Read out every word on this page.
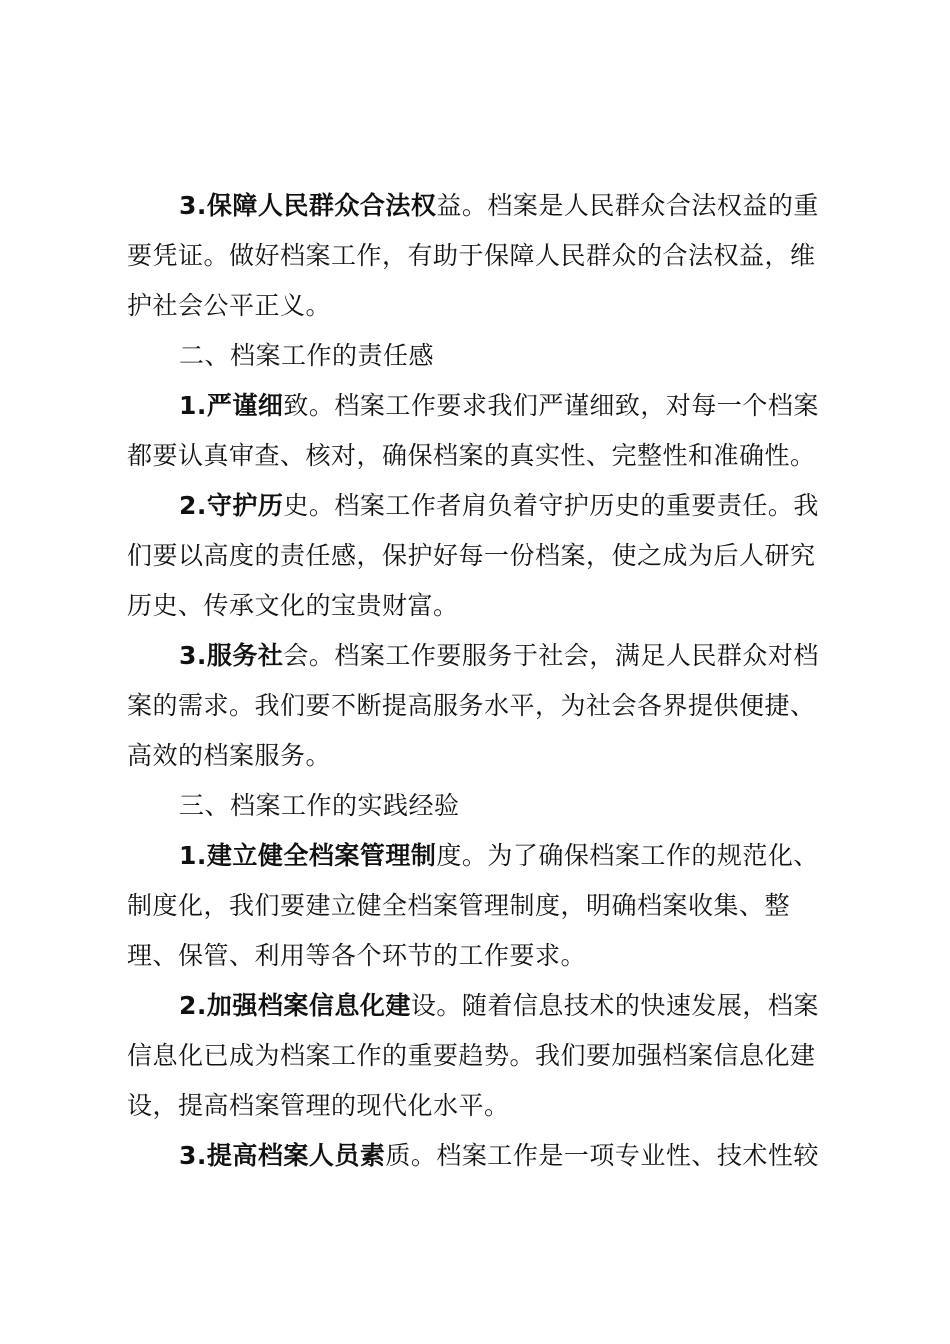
3.保障人民群众合法权益。档案是人民群众合法权益的重要凭证。做好档案工作，有助于保障人民群众的合法权益，维护社会公平正义。

二、档案工作的责任感

1.严谨细致。档案工作要求我们严谨细致，对每一个档案都要认真审查、核对，确保档案的真实性、完整性和准确性。

2.守护历史。档案工作者肩负着守护历史的重要责任。我们要以高度的责任感，保护好每一份档案，使之成为后人研究历史、传承文化的宝贵财富。

3.服务社会。档案工作要服务于社会，满足人民群众对档案的需求。我们要不断提高服务水平，为社会各界提供便捷、高效的档案服务。

三、档案工作的实践经验

1.建立健全档案管理制度。为了确保档案工作的规范化、制度化，我们要建立健全档案管理制度，明确档案收集、整理、保管、利用等各个环节的工作要求。

2.加强档案信息化建设。随着信息技术的快速发展，档案信息化已成为档案工作的重要趋势。我们要加强档案信息化建设，提高档案管理的现代化水平。

3.提高档案人员素质。档案工作是一项专业性、技术性较
